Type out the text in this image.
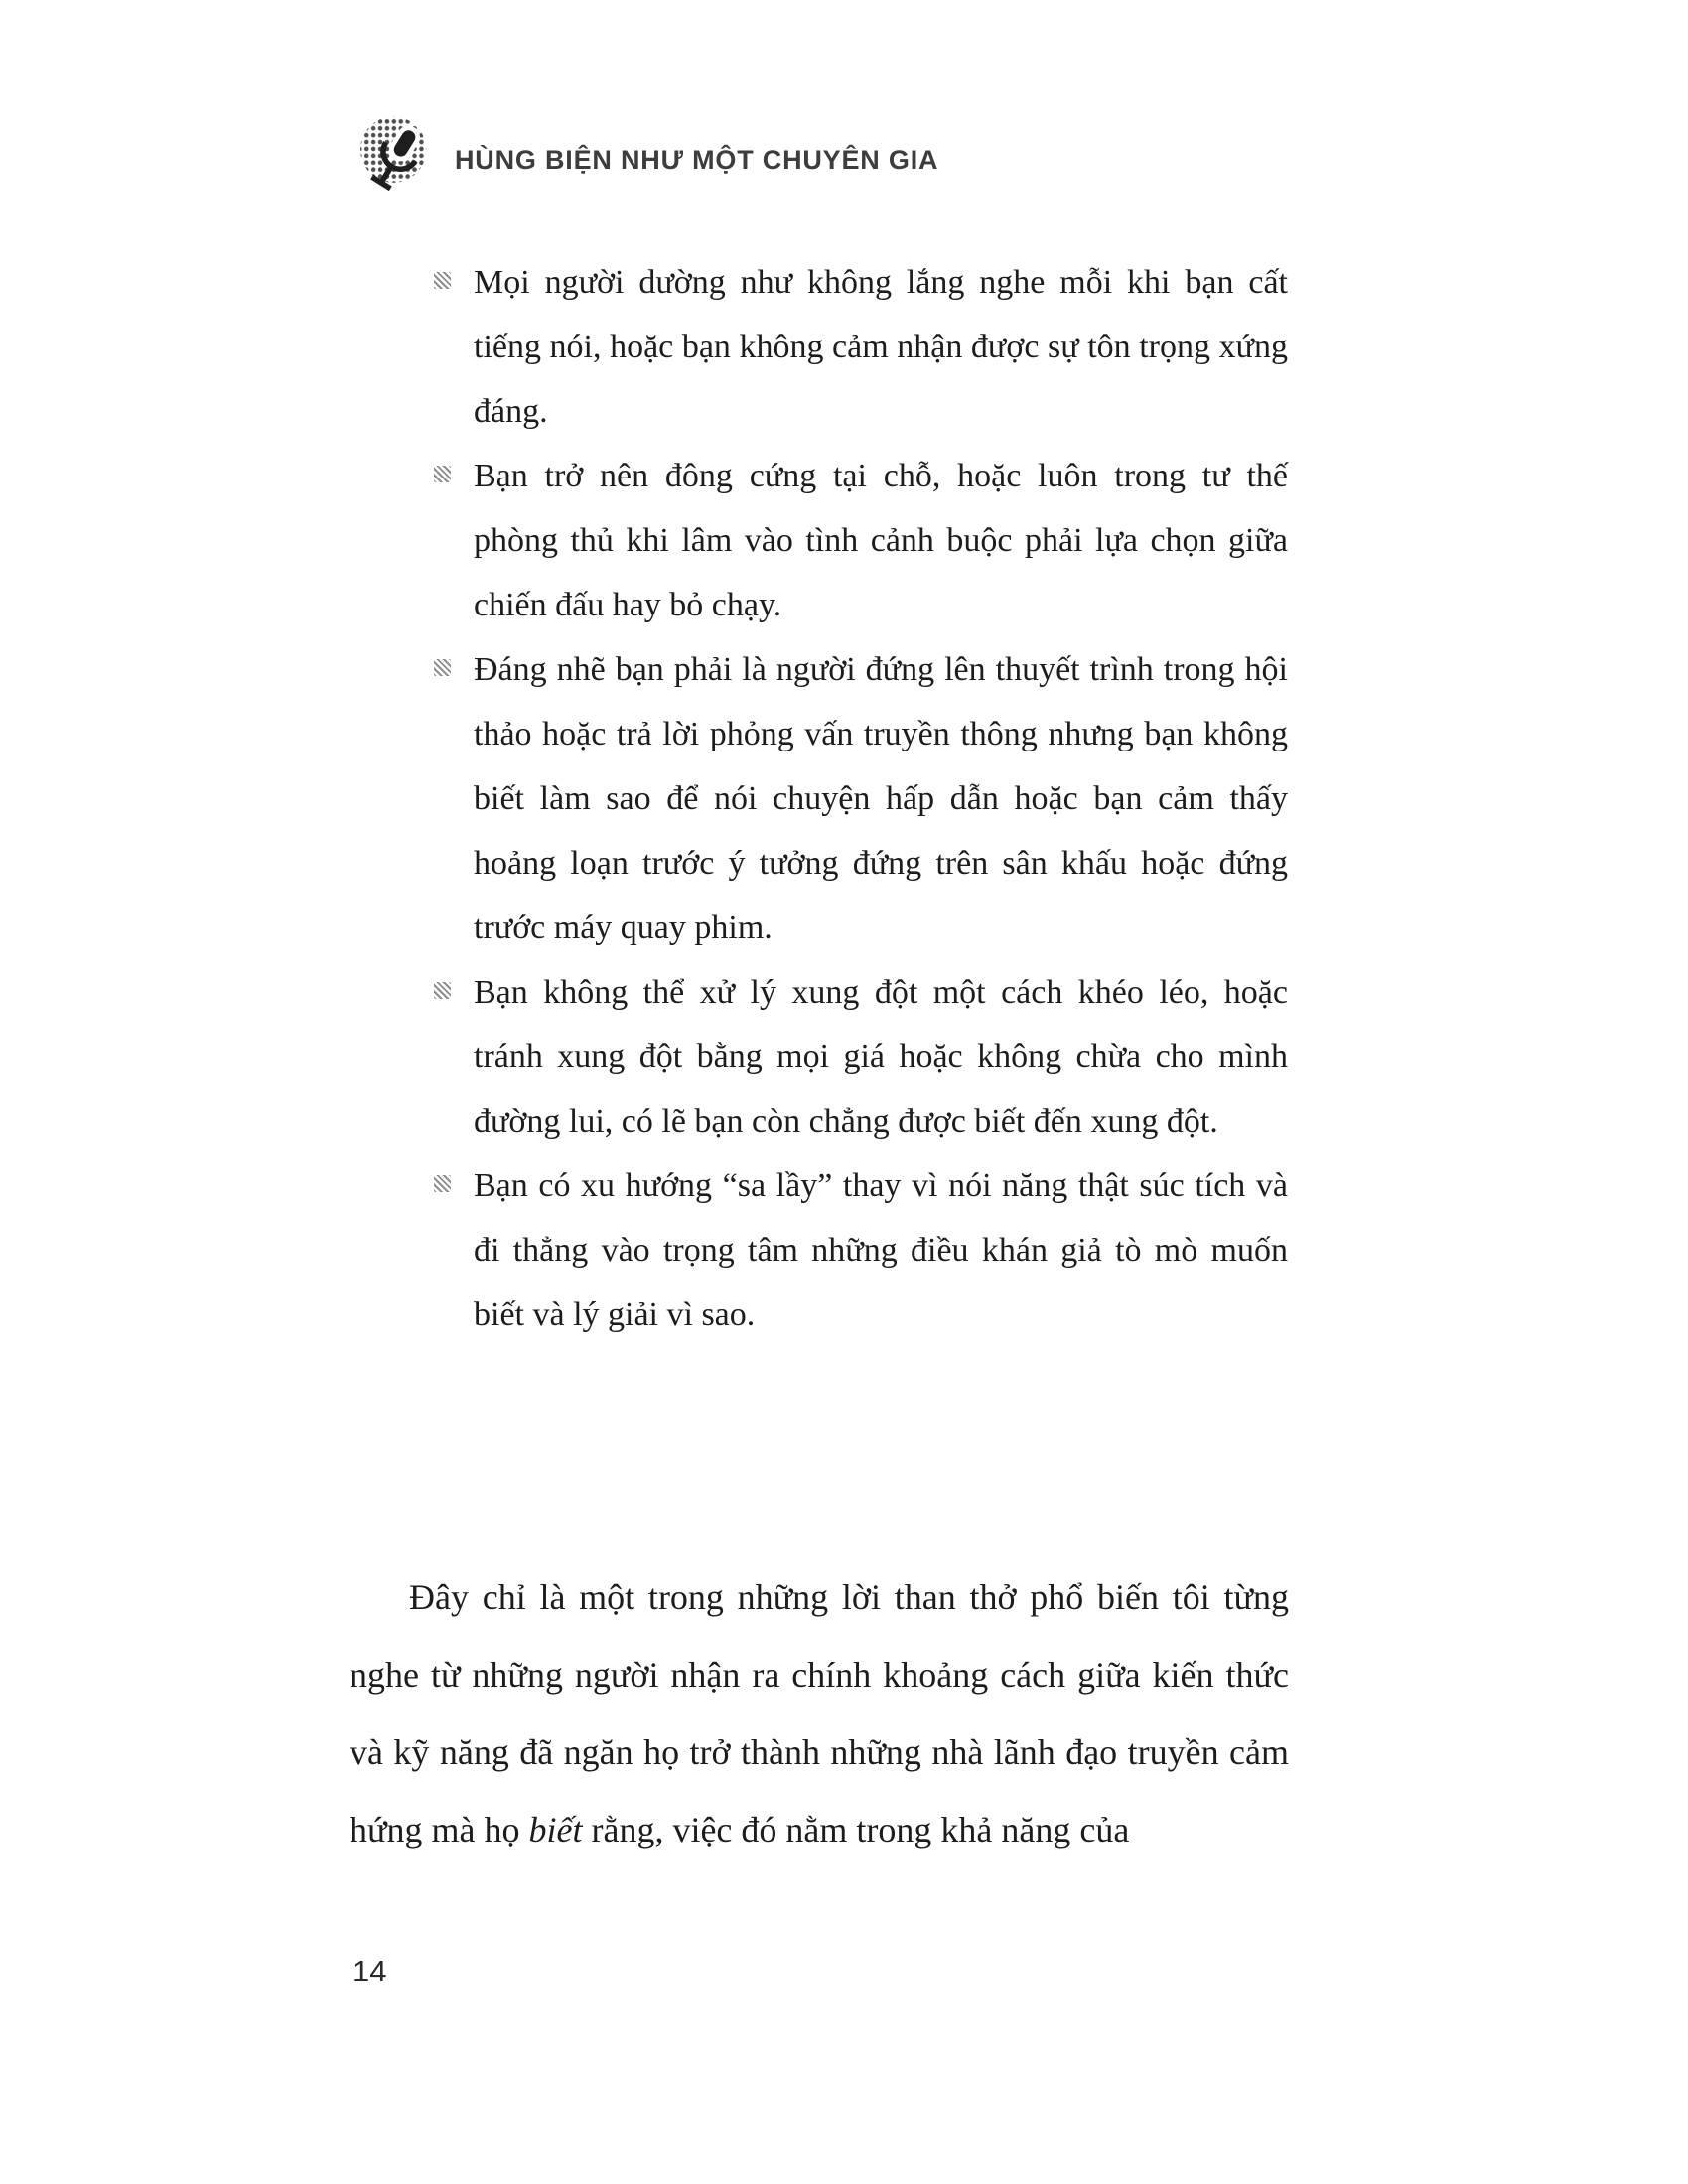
HÙNG BIỆN NHƯ MỘT CHUYÊN GIA
Mọi người dường như không lắng nghe mỗi khi bạn cất tiếng nói, hoặc bạn không cảm nhận được sự tôn trọng xứng đáng.
Bạn trở nên đông cứng tại chỗ, hoặc luôn trong tư thế phòng thủ khi lâm vào tình cảnh buộc phải lựa chọn giữa chiến đấu hay bỏ chạy.
Đáng nhẽ bạn phải là người đứng lên thuyết trình trong hội thảo hoặc trả lời phỏng vấn truyền thông nhưng bạn không biết làm sao để nói chuyện hấp dẫn hoặc bạn cảm thấy hoảng loạn trước ý tưởng đứng trên sân khấu hoặc đứng trước máy quay phim.
Bạn không thể xử lý xung đột một cách khéo léo, hoặc tránh xung đột bằng mọi giá hoặc không chừa cho mình đường lui, có lẽ bạn còn chẳng được biết đến xung đột.
Bạn có xu hướng “sa lầy” thay vì nói năng thật súc tích và đi thẳng vào trọng tâm những điều khán giả tò mò muốn biết và lý giải vì sao.

Đây chỉ là một trong những lời than thở phổ biến tôi từng nghe từ những người nhận ra chính khoảng cách giữa kiến thức và kỹ năng đã ngăn họ trở thành những nhà lãnh đạo truyền cảm hứng mà họ biết rằng, việc đó nằm trong khả năng của

14
